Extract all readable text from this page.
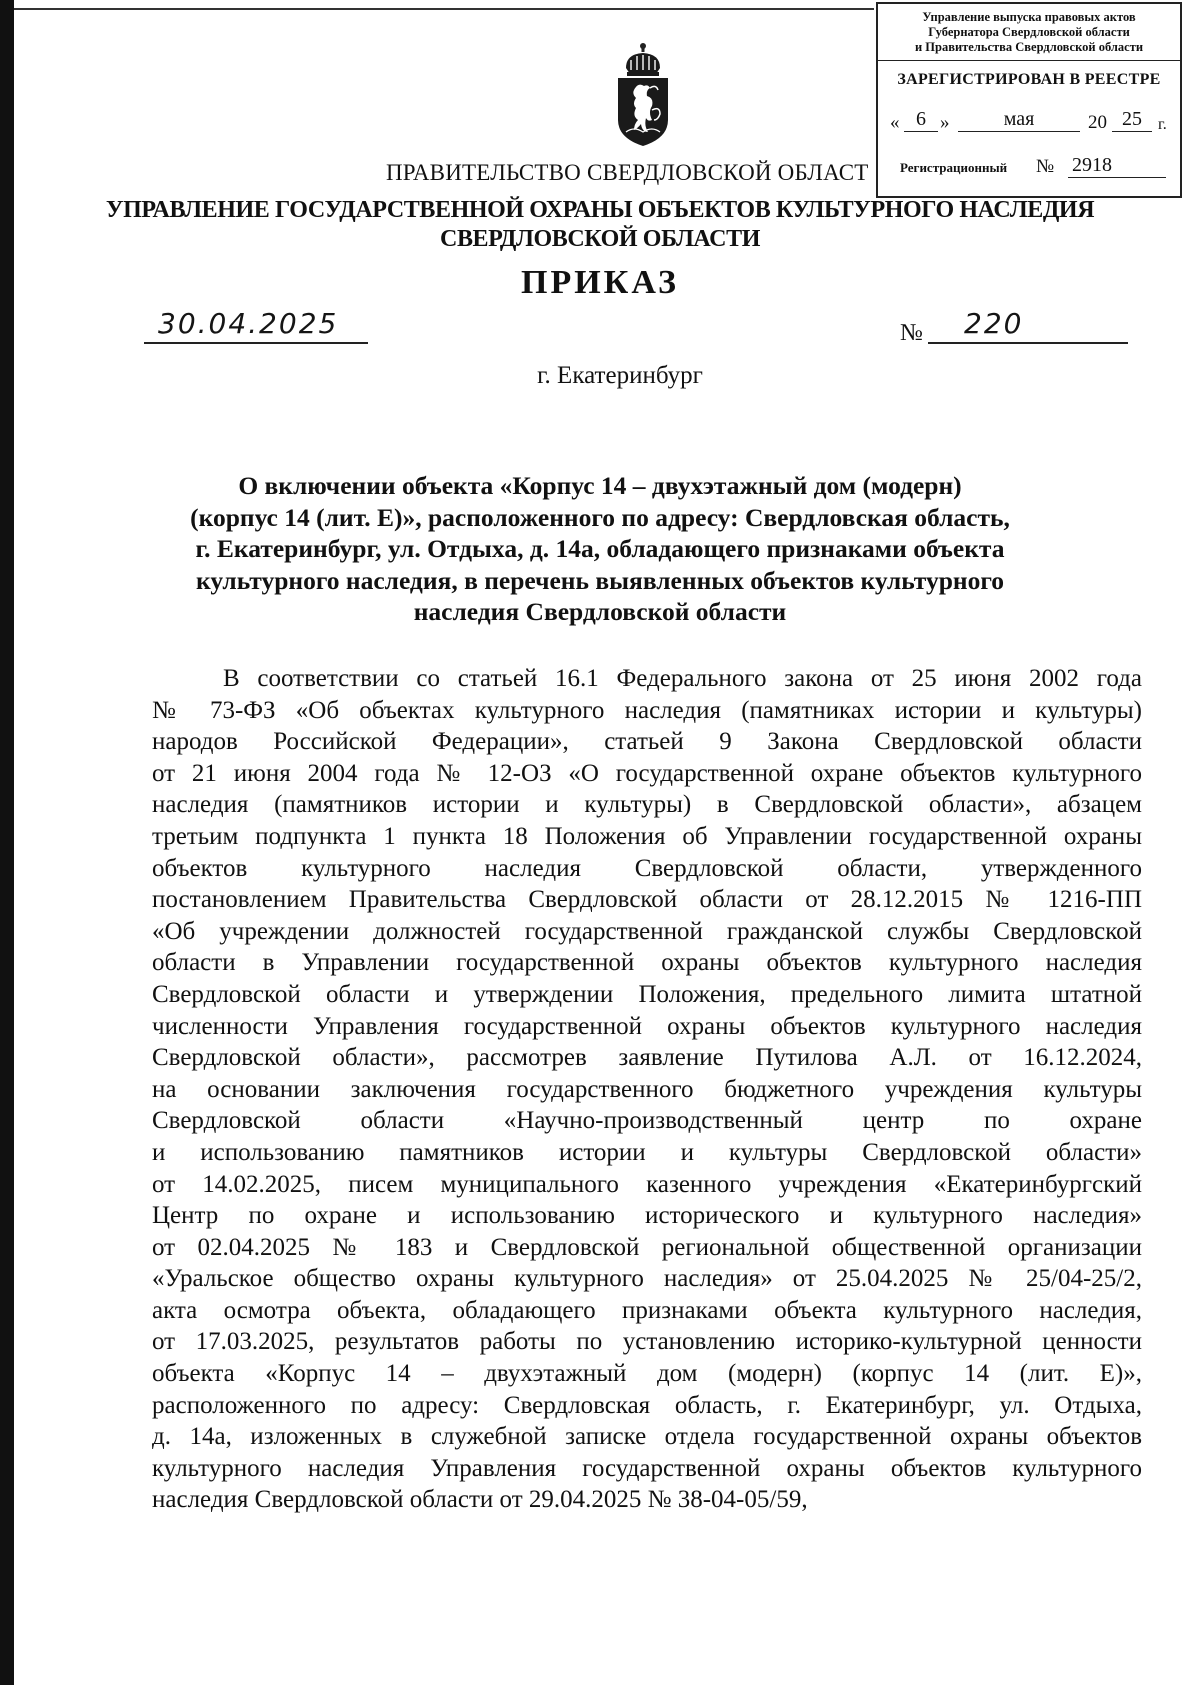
Управление выпуска правовых актов
Губернатора Свердловской области
и Правительства Свердловской области
ЗАРЕГИСТРИРОВАН В РЕЕСТРЕ
« 6 »	мая	20 25	г.
Регистрационный № 2918
ПРАВИТЕЛЬСТВО СВЕРДЛОВСКОЙ ОБЛАСТ
УПРАВЛЕНИЕ ГОСУДАРСТВЕННОЙ ОХРАНЫ ОБЪЕКТОВ КУЛЬТУРНОГО НАСЛЕДИЯ
СВЕРДЛОВСКОЙ ОБЛАСТИ
ПРИКАЗ
30.04.2025	№ 220
г. Екатеринбург
О включении объекта «Корпус 14 – двухэтажный дом (модерн)
(корпус 14 (лит. Е)», расположенного по адресу: Свердловская область,
г. Екатеринбург, ул. Отдыха, д. 14а, обладающего признаками объекта
культурного наследия, в перечень выявленных объектов культурного
наследия Свердловской области
В соответствии со статьей 16.1 Федерального закона от 25 июня 2002 года
№ 73-ФЗ «Об объектах культурного наследия (памятниках истории и культуры)
народов Российской Федерации», статьей 9 Закона Свердловской области
от 21 июня 2004 года № 12-ОЗ «О государственной охране объектов культурного
наследия (памятников истории и культуры) в Свердловской области», абзацем
третьим подпункта 1 пункта 18 Положения об Управлении государственной охраны
объектов культурного наследия Свердловской области, утвержденного
постановлением Правительства Свердловской области от 28.12.2015 № 1216-ПП
«Об учреждении должностей государственной гражданской службы Свердловской
области в Управлении государственной охраны объектов культурного наследия
Свердловской области и утверждении Положения, предельного лимита штатной
численности Управления государственной охраны объектов культурного наследия
Свердловской области», рассмотрев заявление Путилова А.Л. от 16.12.2024,
на основании заключения государственного бюджетного учреждения культуры
Свердловской области «Научно-производственный центр по охране
и использованию памятников истории и культуры Свердловской области»
от 14.02.2025, писем муниципального казенного учреждения «Екатеринбургский
Центр по охране и использованию исторического и культурного наследия»
от 02.04.2025 № 183 и Свердловской региональной общественной организации
«Уральское общество охраны культурного наследия» от 25.04.2025 № 25/04-25/2,
акта осмотра объекта, обладающего признаками объекта культурного наследия,
от 17.03.2025, результатов работы по установлению историко-культурной ценности
объекта «Корпус 14 – двухэтажный дом (модерн) (корпус 14 (лит. Е)»,
расположенного по адресу: Свердловская область, г. Екатеринбург, ул. Отдыха,
д. 14а, изложенных в служебной записке отдела государственной охраны объектов
культурного наследия Управления государственной охраны объектов культурного
наследия Свердловской области от 29.04.2025 № 38-04-05/59,
